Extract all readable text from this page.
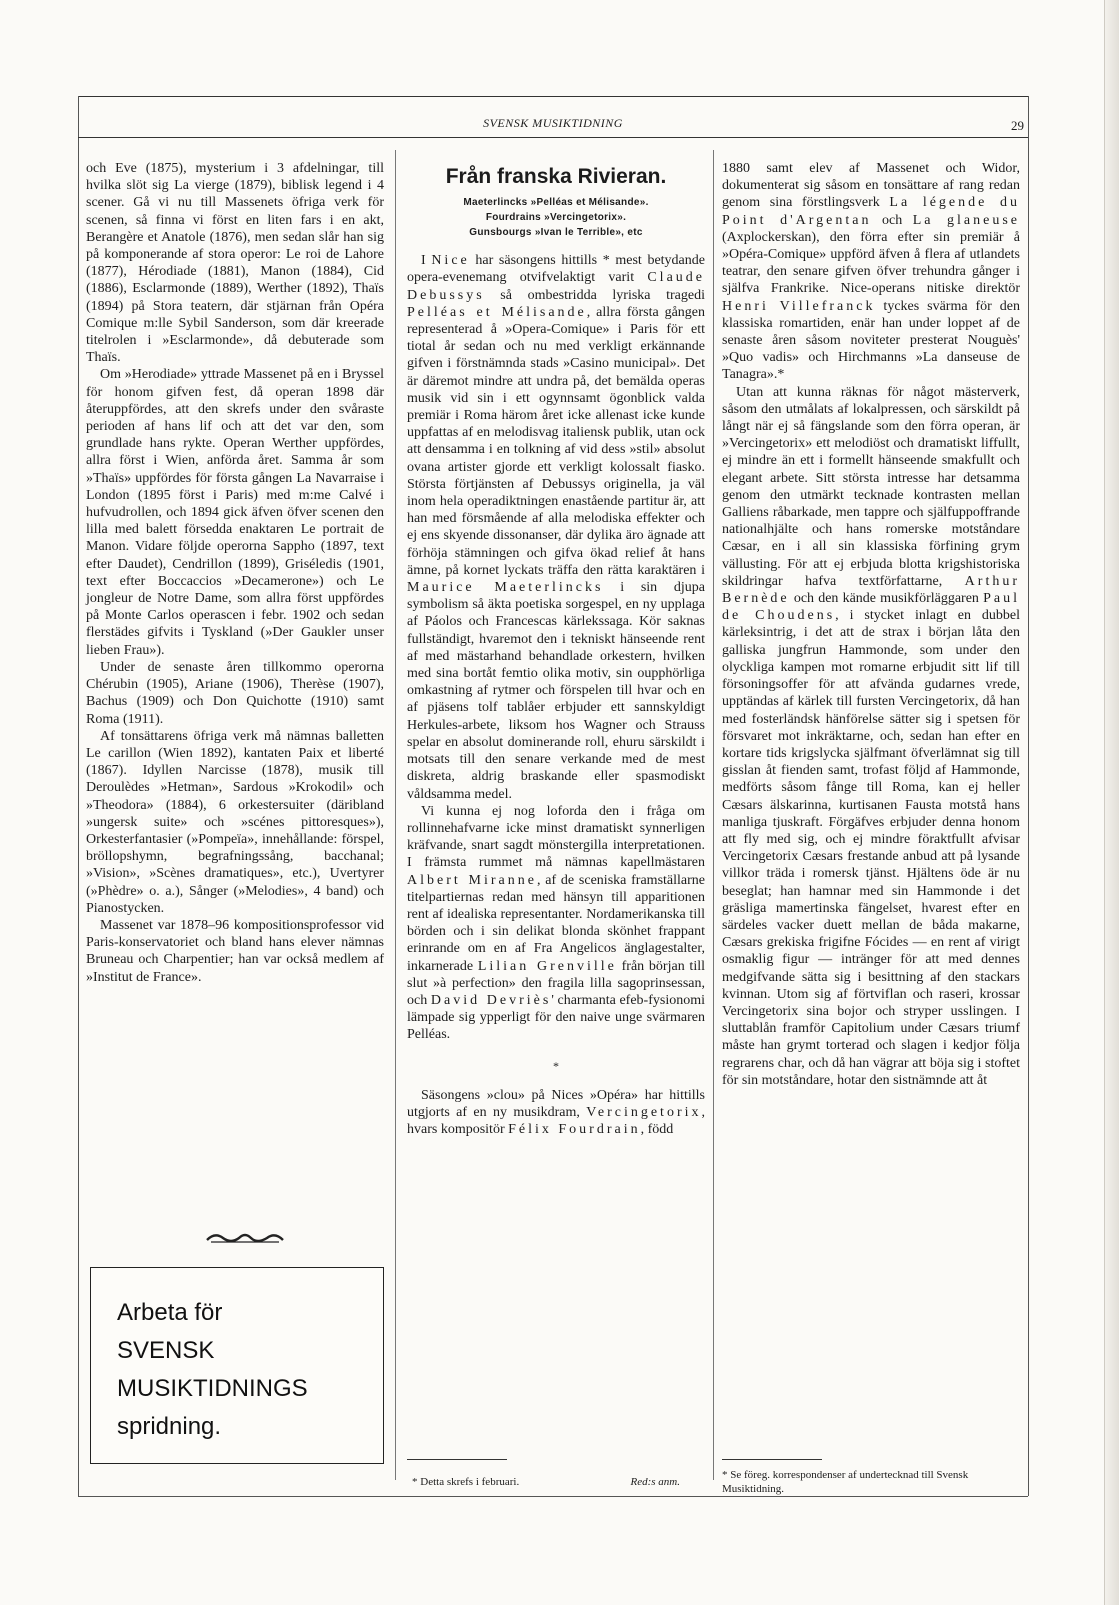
SVENSK MUSIKTIDNING	29

och Eve (1875), mysterium i 3 afdelningar, till hvilka slöt sig La vierge (1879), biblisk legend i 4 scener. Gå vi nu till Massenets öfriga verk för scenen, så finna vi först en liten fars i en akt, Berangère et Anatole (1876), men sedan slår han sig på komponerande af stora operor: Le roi de Lahore (1877), Hérodiade (1881), Manon (1884), Cid (1886), Esclarmonde (1889), Werther (1892), Thaïs (1894) på Stora teatern, där stjärnan från Opéra Comique m:lle Sybil Sanderson, som där kreerade titelrolen i »Esclarmonde», då debuterade som Thaïs.

Om »Herodiade» yttrade Massenet på en i Bryssel för honom gifven fest, då operan 1898 där återuppfördes, att den skrefs under den svåraste perioden af hans lif och att det var den, som grundlade hans rykte. Operan Werther uppfördes, allra först i Wien, anförda året. Samma år som »Thaïs» uppfördes för första gången La Navarraise i London (1895 först i Paris) med m:me Calvé i hufvudrollen, och 1894 gick äfven öfver scenen den lilla med balett försedda enaktaren Le portrait de Manon. Vidare följde operorna Sappho (1897, text efter Daudet), Cendrillon (1899), Griséledis (1901, text efter Boccaccios »Decamerone») och Le jongleur de Notre Dame, som allra först uppfördes på Monte Carlos operascen i febr. 1902 och sedan flerstädes gifvits i Tyskland (»Der Gaukler unser lieben Frau»).

Under de senaste åren tillkommo operorna Chérubin (1905), Ariane (1906), Therèse (1907), Bachus (1909) och Don Quichotte (1910) samt Roma (1911).

Af tonsättarens öfriga verk må nämnas balletten Le carillon (Wien 1892), kantaten Paix et liberté (1867). Idyllen Narcisse (1878), musik till Deroulèdes »Hetman», Sardous »Krokodil» och »Theodora» (1884), 6 orkestersuiter (däribland »ungersk suite» och »scénes pittoresques»), Orkesterfantasier (»Pompeïa», innehållande: förspel, bröllopshymn, begrafningssång, bacchanal; »Vision», »Scènes dramatiques», etc.), Uvertyrer (»Phèdre» o. a.), Sånger (»Melodies», 4 band) och Pianostycken.

Massenet var 1878–96 kompositionsprofessor vid Paris-konservatoriet och bland hans elever nämnas Bruneau och Charpentier; han var också medlem af »Institut de France».

Arbeta för
SVENSK
MUSIKTIDNINGS
spridning.
Från franska Rivieran.
Maeterlincks »Pelléas et Mélisande».
Fourdrains »Vercingetorix».
Gunsbourgs »Ivan le Terrible», etc

I Nice har säsongens hittills * mest betydande opera-evenemang otvifvelaktigt varit Claude Debussys så ombestridda lyriska tragedi Pelléas et Mélisande, allra första gången representerad å »Opera-Comique» i Paris för ett tiotal år sedan och nu med verkligt erkännande gifven i förstnämnda stads »Casino municipal». Det är däremot mindre att undra på, det bemälda operas musik vid sin i ett ogynnsamt ögonblick valda premiär i Roma härom året icke allenast icke kunde uppfattas af en melodisvag italiensk publik, utan ock att densamma i en tolkning af vid dess »stil» absolut ovana artister gjorde ett verkligt kolossalt fiasko. Största förtjänsten af Debussys originella, ja väl inom hela operadiktningen enastående partitur är, att han med försmående af alla melodiska effekter och ej ens skyende dissonanser, där dylika äro ägnade att förhöja stämningen och gifva ökad relief åt hans ämne, på kornet lyckats träffa den rätta karaktären i Maurice Maeterlincks i sin djupa symbolism så äkta poetiska sorgespel, en ny upplaga af Páolos och Francescas kärlekssaga. Kör saknas fullständigt, hvaremot den i tekniskt hänseende rent af med mästarhand behandlade orkestern, hvilken med sina bortåt femtio olika motiv, sin oupphörliga omkastning af rytmer och förspelen till hvar och en af pjäsens tolf tablåer erbjuder ett sannskyldigt Herkules-arbete, liksom hos Wagner och Strauss spelar en absolut dominerande roll, ehuru särskildt i motsats till den senare verkande med de mest diskreta, aldrig braskande eller spasmodiskt våldsamma medel.

Vi kunna ej nog loforda den i fråga om rollinnehafvarne icke minst dramatiskt synnerligen kräfvande, snart sagdt mönstergilla interpretationen. I främsta rummet må nämnas kapellmästaren Albert Miranne, af de sceniska framställarne titelpartiernas redan med hänsyn till apparitionen rent af idealiska representanter. Nordamerikanska till börden och i sin delikat blonda skönhet frappant erinrande om en af Fra Angelicos änglagestalter, inkarnerade Lilian Grenville från början till slut »à perfection» den fragila lilla sagoprinsessan, och David Devriès' charmanta efeb-fysionomi lämpade sig ypperligt för den naive unge svärmaren Pelléas.

*

Säsongens »clou» på Nices »Opéra» har hittills utgjorts af en ny musikdram, Vercingetorix, hvars kompositör Félix Fourdrain, född

* Detta skrefs i februari.	Red:s anm.

1880 samt elev af Massenet och Widor, dokumenterat sig såsom en tonsättare af rang redan genom sina förstlingsverk La légende du Point d'Argentan och La glaneuse (Axplockerskan), den förra efter sin premiär å »Opéra-Comique» uppförd äfven å flera af utlandets teatrar, den senare gifven öfver trehundra gånger i själfva Frankrike. Nice-operans nitiske direktör Henri Villefranck tyckes svärma för den klassiska romartiden, enär han under loppet af de senaste åren såsom noviteter presterat Nouguès' »Quo vadis» och Hirchmanns »La danseuse de Tanagra».*

Utan att kunna räknas för något mästerverk, såsom den utmålats af lokalpressen, och särskildt på långt när ej så fängslande som den förra operan, är »Vercingetorix» ett melodiöst och dramatiskt liffullt, ej mindre än ett i formellt hänseende smakfullt och elegant arbete. Sitt största intresse har detsamma genom den utmärkt tecknade kontrasten mellan Galliens råbarkade, men tappre och själfuppoffrande nationalhjälte och hans romerske motståndare Cæsar, en i all sin klassiska förfining grym vällusting. För att ej erbjuda blotta krigshistoriska skildringar hafva textförfattarne, Arthur Bernède och den kände musikförläggaren Paul de Choudens, i stycket inlagt en dubbel kärleksintrig, i det att de strax i början låta den galliska jungfrun Hammonde, som under den olyckliga kampen mot romarne erbjudit sitt lif till försoningsoffer för att afvända gudarnes vrede, upptändas af kärlek till fursten Vercingetorix, då han med fosterländsk hänförelse sätter sig i spetsen för försvaret mot inkräktarne, och, sedan han efter en kortare tids krigslycka själfmant öfverlämnat sig till gisslan åt fienden samt, trofast följd af Hammonde, medförts såsom fånge till Roma, kan ej heller Cæsars älskarinna, kurtisanen Fausta motstå hans manliga tjuskraft. Förgäfves erbjuder denna honom att fly med sig, och ej mindre föraktfullt afvisar Vercingetorix Cæsars frestande anbud att på lysande villkor träda i romersk tjänst. Hjältens öde är nu beseglat; han hamnar med sin Hammonde i det gräsliga mamertinska fängelset, hvarest efter en särdeles vacker duett mellan de båda makarne, Cæsars grekiska frigifne Fócides — en rent af virigt osmaklig figur — intränger för att med dennes medgifvande sätta sig i besittning af den stackars kvinnan. Utom sig af förtviflan och raseri, krossar Vercingetorix sina bojor och stryper usslingen. I sluttablån framför Capitolium under Cæsars triumf måste han grymt torterad och slagen i kedjor följa regrarens char, och då han vägrar att böja sig i stoftet för sin motståndare, hotar den sistnämnde att åt

* Se föreg. korrespondenser af undertecknad till Svensk Musiktidning.
